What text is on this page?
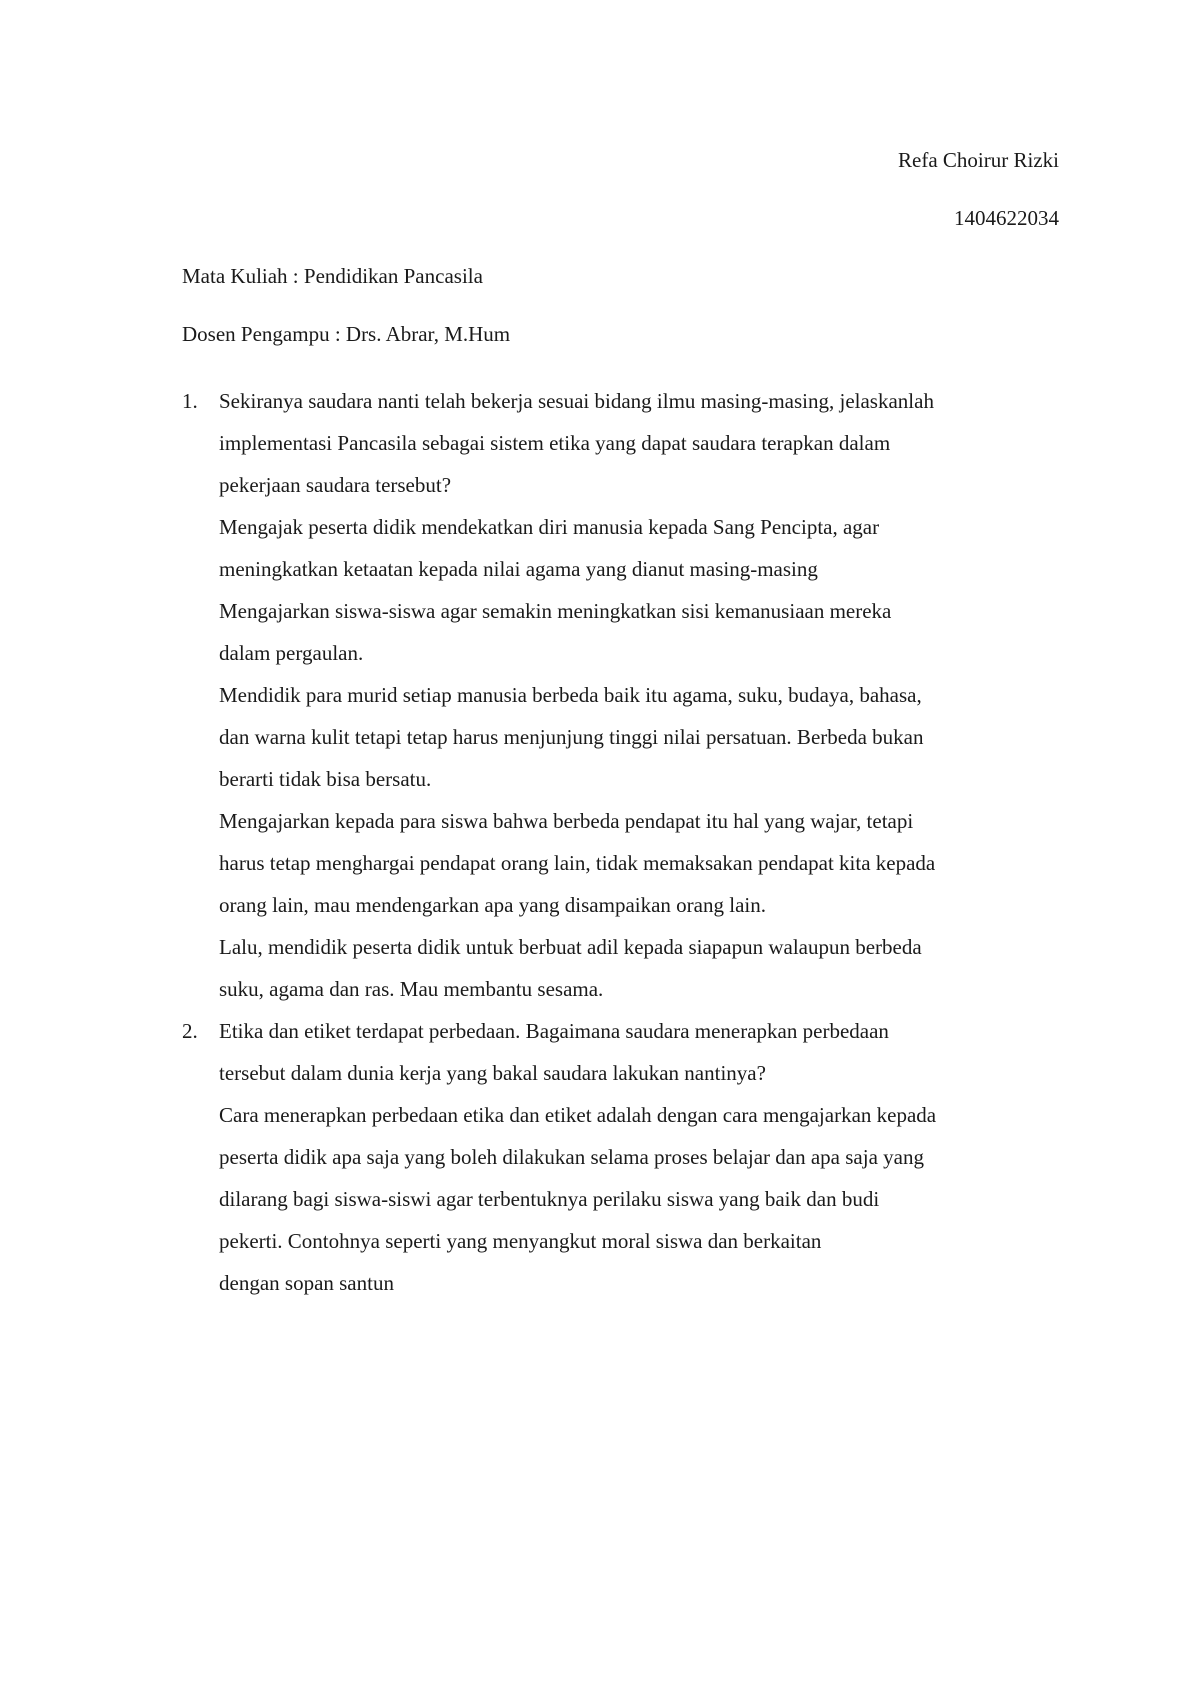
Refa Choirur Rizki
1404622034
Mata Kuliah : Pendidikan Pancasila
Dosen Pengampu : Drs. Abrar, M.Hum
1. Sekiranya saudara nanti telah bekerja sesuai bidang ilmu masing-masing, jelaskanlah
implementasi Pancasila sebagai sistem etika yang dapat saudara terapkan dalam
pekerjaan saudara tersebut?
Mengajak peserta didik mendekatkan diri manusia kepada Sang Pencipta, agar
meningkatkan ketaatan kepada nilai agama yang dianut masing-masing
Mengajarkan siswa-siswa agar semakin meningkatkan sisi kemanusiaan mereka
dalam pergaulan.
Mendidik para murid setiap manusia berbeda baik itu agama, suku, budaya, bahasa,
dan warna kulit tetapi tetap harus menjunjung tinggi nilai persatuan. Berbeda bukan
berarti tidak bisa bersatu.
Mengajarkan kepada para siswa bahwa berbeda pendapat itu hal yang wajar, tetapi
harus tetap menghargai pendapat orang lain, tidak memaksakan pendapat kita kepada
orang lain, mau mendengarkan apa yang disampaikan orang lain.
Lalu, mendidik peserta didik untuk berbuat adil kepada siapapun walaupun berbeda
suku, agama dan ras. Mau membantu sesama.
2. Etika dan etiket terdapat perbedaan. Bagaimana saudara menerapkan perbedaan
tersebut dalam dunia kerja yang bakal saudara lakukan nantinya?
Cara menerapkan perbedaan etika dan etiket adalah dengan cara mengajarkan kepada
peserta didik apa saja yang boleh dilakukan selama proses belajar dan apa saja yang
dilarang bagi siswa-siswi agar terbentuknya perilaku siswa yang baik dan budi
pekerti. Contohnya seperti yang menyangkut moral siswa dan berkaitan
dengan sopan santun
